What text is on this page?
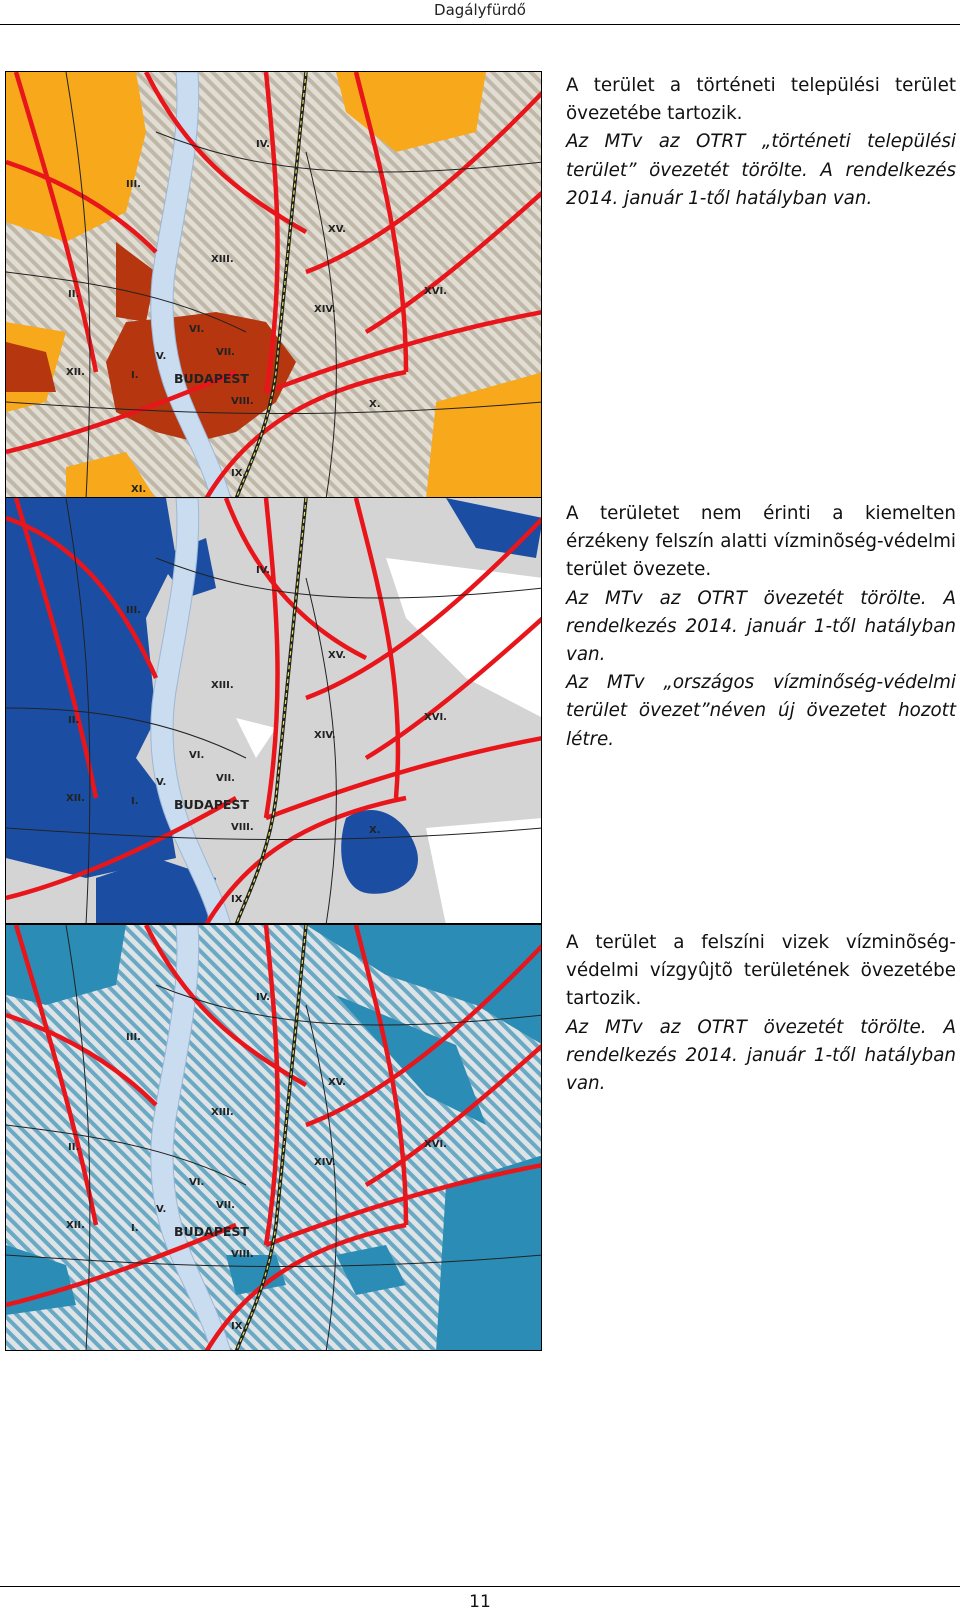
Dagályfürdő
IV.
III.
XV.
XIII.
II.
XIV.
XVI.
VI.
VII.
V.
XII.	I.	BUDAPEST
VIII.	X.
IX.
XI.
IV.
III.
XV.
XIII.
II.
XIV.
XVI.
VI.
VII.
V.
XII.	I.	BUDAPEST
VIII.	X.
IX.
IV.
III.
XV.
XIII.
II.
XIV.
XVI.
VI.
VII.
V.
XII.	I.	BUDAPEST
VIII.
IX.

A terület a történeti települési terület övezetébe tartozik.

Az MTv az OTRT „történeti települési terület” övezetét törölte. A rendelkezés 2014. január 1-től hatályban van.

A területet nem érinti a kiemelten érzékeny felszín alatti vízminõség-védelmi terület övezete.

Az MTv az OTRT övezetét törölte. A rendelkezés 2014. január 1-től hatályban van.

Az MTv „országos vízminőség-védelmi terület övezet”néven új övezetet hozott létre.

A terület a felszíni vizek vízminõség-védelmi vízgyûjtõ területének övezetébe tartozik.

Az MTv az OTRT övezetét törölte. A rendelkezés 2014. január 1-től hatályban van.

11
